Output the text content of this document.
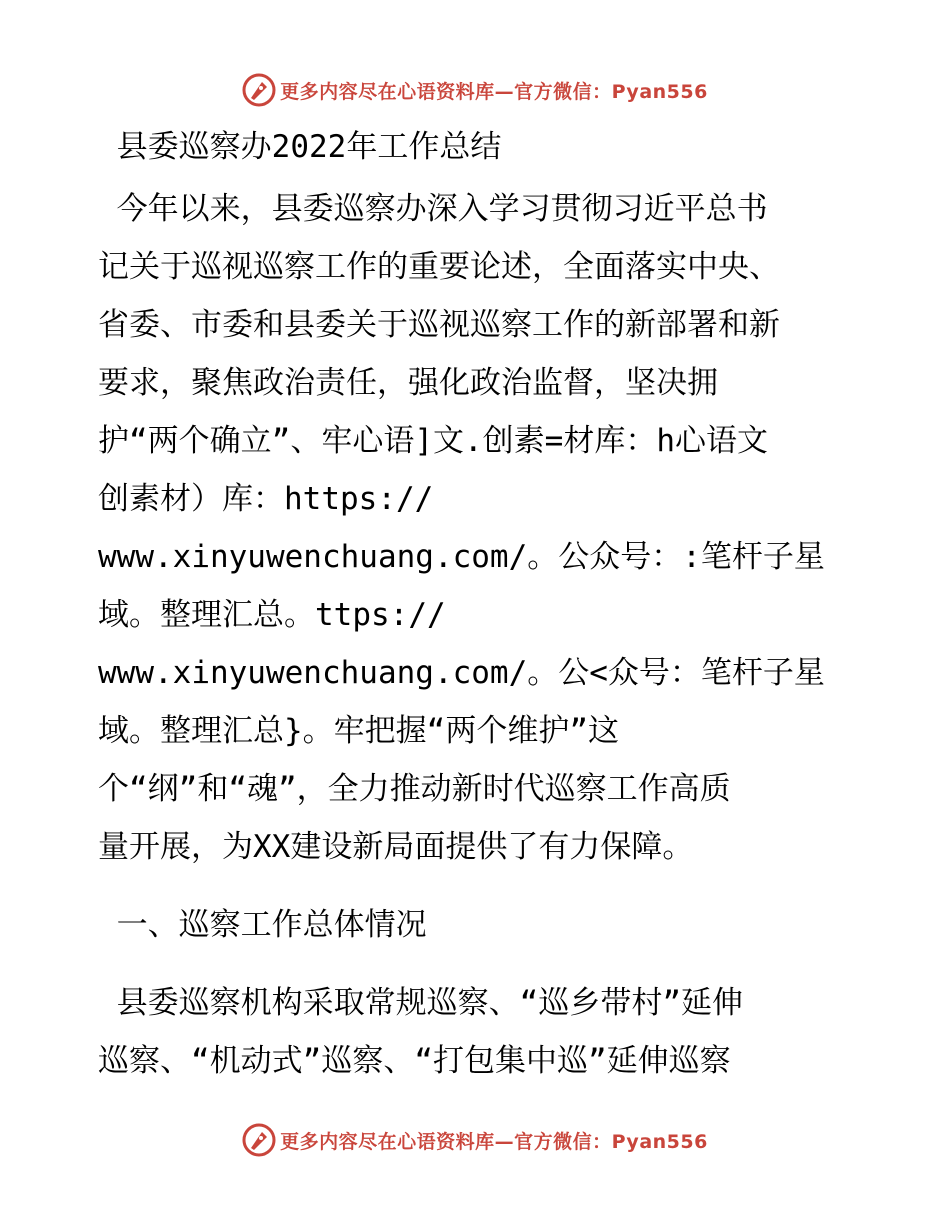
更多内容尽在心语资料库—官方微信：Pyan556
县委巡察办2022年工作总结
今年以来，县委巡察办深入学习贯彻习近平总书
记关于巡视巡察工作的重要论述，全面落实中央、
省委、市委和县委关于巡视巡察工作的新部署和新
要求，聚焦政治责任，强化政治监督，坚决拥
护“两个确立”、牢心语]文.创素=材库：h心语文
创素材）库：https://
www.xinyuwenchuang.com/。公众号：:笔杆子星
域。整理汇总。ttps://
www.xinyuwenchuang.com/。公<众号：笔杆子星
域。整理汇总}。牢把握“两个维护”这
个“纲”和“魂”，全力推动新时代巡察工作高质
量开展，为XX建设新局面提供了有力保障。
一、巡察工作总体情况
县委巡察机构采取常规巡察、“巡乡带村”延伸
巡察、“机动式”巡察、“打包集中巡”延伸巡察
更多内容尽在心语资料库—官方微信：Pyan556
